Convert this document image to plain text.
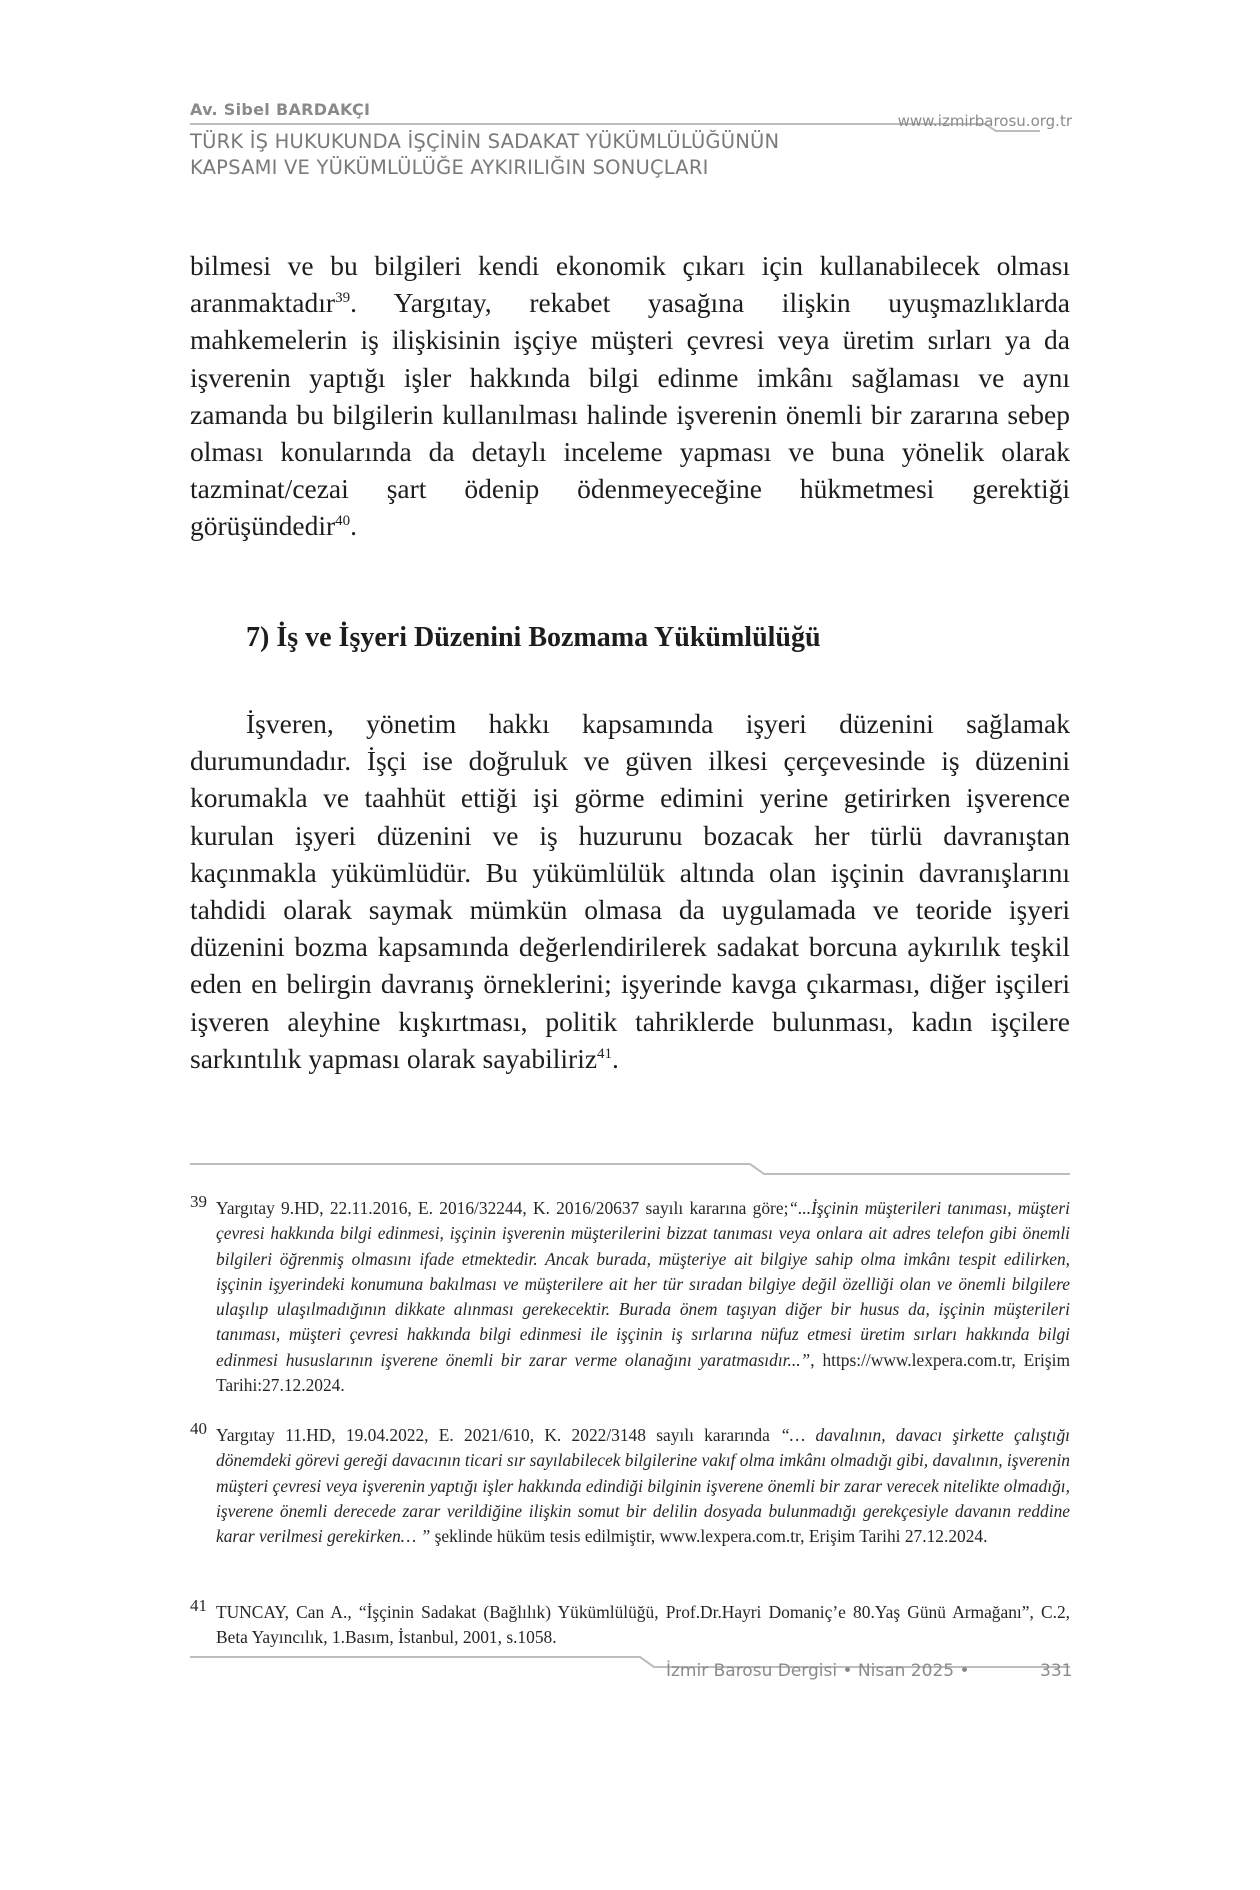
Av. Sibel BARDAKÇI
TÜRK İŞ HUKUKUNDA İŞÇİNİN SADAKAT YÜKÜMLÜLÜĞÜNÜN
KAPSAMI VE YÜKÜMLÜLÜĞE AYKIRILIĞIN SONUÇLARI
www.izmirbarosu.org.tr
bilmesi ve bu bilgileri kendi ekonomik çıkarı için kullanabilecek olması aranmaktadır$^{39}$. Yargıtay, rekabet yasağına ilişkin uyuşmazlıklarda mahkemelerin iş ilişkisinin işçiye müşteri çevresi veya üretim sırları ya da işverenin yaptığı işler hakkında bilgi edinme imkânı sağlaması ve aynı zamanda bu bilgilerin kullanılması halinde işverenin önemli bir zararına sebep olması konularında da detaylı inceleme yapması ve buna yönelik olarak tazminat/cezai şart ödenip ödenmeyeceğine hükmetmesi gerektiği görüşündedir$^{40}$.
7) İş ve İşyeri Düzenini Bozmama Yükümlülüğü
İşveren, yönetim hakkı kapsamında işyeri düzenini sağlamak durumundadır. İşçi ise doğruluk ve güven ilkesi çerçevesinde iş düzenini korumakla ve taahhüt ettiği işi görme edimini yerine getirirken işverence kurulan işyeri düzenini ve iş huzurunu bozacak her türlü davranıştan kaçınmakla yükümlüdür. Bu yükümlülük altında olan işçinin davranışlarını tahdidi olarak saymak mümkün olmasa da uygulamada ve teoride işyeri düzenini bozma kapsamında değerlendirilerek sadakat borcuna aykırılık teşkil eden en belirgin davranış örneklerini; işyerinde kavga çıkarması, diğer işçileri işveren aleyhine kışkırtması, politik tahriklerde bulunması, kadın işçilere sarkıntılık yapması olarak sayabiliriz$^{41}$.
39 Yargıtay 9.HD, 22.11.2016, E. 2016/32244, K. 2016/20637 sayılı kararına göre;“...İşçinin müşterileri tanıması, müşteri çevresi hakkında bilgi edinmesi, işçinin işverenin müşterilerini bizzat tanıması veya onlara ait adres telefon gibi önemli bilgileri öğrenmiş olmasını ifade etmektedir. Ancak burada, müşteriye ait bilgiye sahip olma imkânı tespit edilirken, işçinin işyerindeki konumuna bakılması ve müşterilere ait her tür sıradan bilgiye değil özelliği olan ve önemli bilgilere ulaşılıp ulaşılmadığının dikkate alınması gerekecektir. Burada önem taşıyan diğer bir husus da, işçinin müşterileri tanıması, müşteri çevresi hakkında bilgi edinmesi ile işçinin iş sırlarına nüfuz etmesi üretim sırları hakkında bilgi edinmesi hususlarının işverene önemli bir zarar verme olanağını yaratmasıdır...”, https://www.lexpera.com.tr, Erişim Tarihi:27.12.2024.
40 Yargıtay 11.HD, 19.04.2022, E. 2021/610, K. 2022/3148 sayılı kararında “… davalının, davacı şirkette çalıştığı dönemdeki görevi gereği davacının ticari sır sayılabilecek bilgilerine vakıf olma imkânı olmadığı gibi, davalının, işverenin müşteri çevresi veya işverenin yaptığı işler hakkında edindiği bilginin işverene önemli bir zarar verecek nitelikte olmadığı, işverene önemli derecede zarar verildiğine ilişkin somut bir delilin dosyada bulunmadığı gerekçesiyle davanın reddine karar verilmesi gerekirken… ” şeklinde hüküm tesis edilmiştir, www.lexpera.com.tr, Erişim Tarihi 27.12.2024.
41 TUNCAY, Can A., “İşçinin Sadakat (Bağlılık) Yükümlülüğü, Prof.Dr.Hayri Domaniç’e 80.Yaş Günü Armağanı”, C.2, Beta Yayıncılık, 1.Basım, İstanbul, 2001, s.1058.
İzmir Barosu Dergisi • Nisan 2025 •	331
